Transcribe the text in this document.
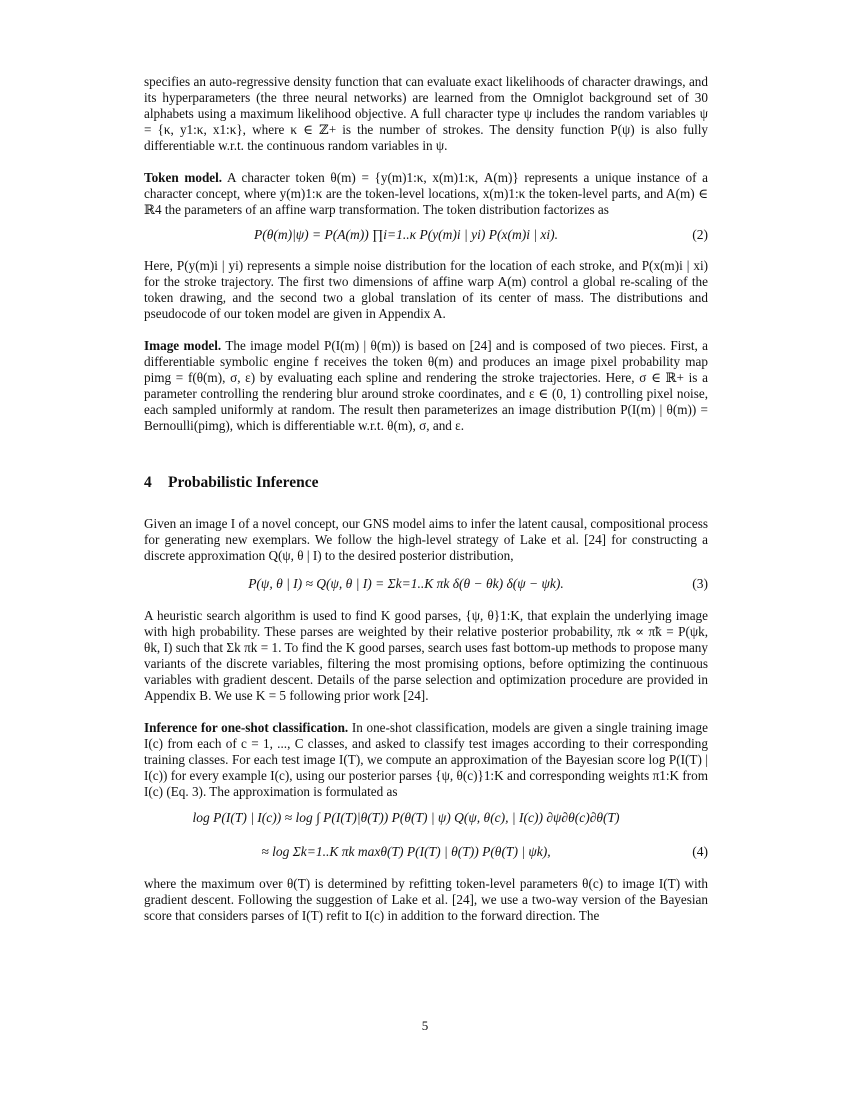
specifies an auto-regressive density function that can evaluate exact likelihoods of character drawings, and its hyperparameters (the three neural networks) are learned from the Omniglot background set of 30 alphabets using a maximum likelihood objective. A full character type ψ includes the random variables ψ = {κ, y1:κ, x1:κ}, where κ ∈ ℤ+ is the number of strokes. The density function P(ψ) is also fully differentiable w.r.t. the continuous random variables in ψ.

Token model. A character token θ(m) = {y(m)1:κ, x(m)1:κ, A(m)} represents a unique instance of a character concept, where y(m)1:κ are the token-level locations, x(m)1:κ the token-level parts, and A(m) ∈ ℝ4 the parameters of an affine warp transformation. The token distribution factorizes as

P(θ(m)|ψ) = P(A(m)) ∏i=1..κ P(y(m)i | yi) P(x(m)i | xi).	(2)

Here, P(y(m)i | yi) represents a simple noise distribution for the location of each stroke, and P(x(m)i | xi) for the stroke trajectory. The first two dimensions of affine warp A(m) control a global re-scaling of the token drawing, and the second two a global translation of its center of mass. The distributions and pseudocode of our token model are given in Appendix A.

Image model. The image model P(I(m) | θ(m)) is based on [24] and is composed of two pieces. First, a differentiable symbolic engine f receives the token θ(m) and produces an image pixel probability map pimg = f(θ(m), σ, ε) by evaluating each spline and rendering the stroke trajectories. Here, σ ∈ ℝ+ is a parameter controlling the rendering blur around stroke coordinates, and ε ∈ (0, 1) controlling pixel noise, each sampled uniformly at random. The result then parameterizes an image distribution P(I(m) | θ(m)) = Bernoulli(pimg), which is differentiable w.r.t. θ(m), σ, and ε.

4 Probabilistic Inference

Given an image I of a novel concept, our GNS model aims to infer the latent causal, compositional process for generating new exemplars. We follow the high-level strategy of Lake et al. [24] for constructing a discrete approximation Q(ψ, θ | I) to the desired posterior distribution,

P(ψ, θ | I) ≈ Q(ψ, θ | I) = Σk=1..K πk δ(θ − θk) δ(ψ − ψk).	(3)

A heuristic search algorithm is used to find K good parses, {ψ, θ}1:K, that explain the underlying image with high probability. These parses are weighted by their relative posterior probability, πk ∝ π̃k = P(ψk, θk, I) such that Σk πk = 1. To find the K good parses, search uses fast bottom-up methods to propose many variants of the discrete variables, filtering the most promising options, before optimizing the continuous variables with gradient descent. Details of the parse selection and optimization procedure are provided in Appendix B. We use K = 5 following prior work [24].

Inference for one-shot classification. In one-shot classification, models are given a single training image I(c) from each of c = 1, ..., C classes, and asked to classify test images according to their corresponding training classes. For each test image I(T), we compute an approximation of the Bayesian score log P(I(T) | I(c)) for every example I(c), using our posterior parses {ψ, θ(c)}1:K and corresponding weights π1:K from I(c) (Eq. 3). The approximation is formulated as

log P(I(T) | I(c)) ≈ log ∫ P(I(T)|θ(T)) P(θ(T) | ψ) Q(ψ, θ(c), | I(c)) ∂ψ∂θ(c)∂θ(T)
≈ log Σk=1..K πk maxθ(T) P(I(T) | θ(T)) P(θ(T) | ψk),	(4)

where the maximum over θ(T) is determined by refitting token-level parameters θ(c) to image I(T) with gradient descent. Following the suggestion of Lake et al. [24], we use a two-way version of the Bayesian score that considers parses of I(T) refit to I(c) in addition to the forward direction. The

5
